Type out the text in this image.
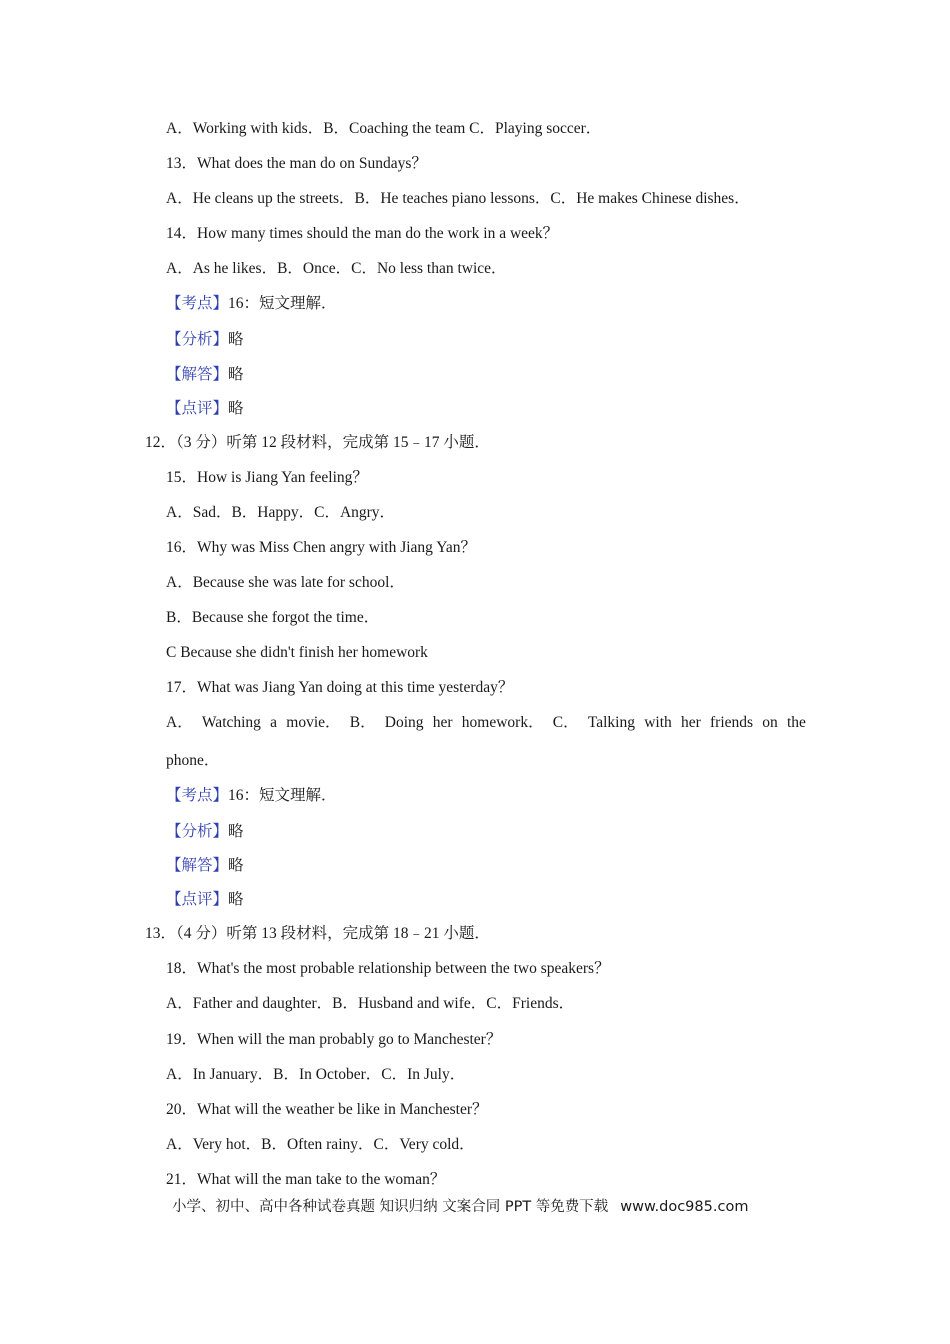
A．Working with kids．B．Coaching the team C．Playing soccer．
13．What does the man do on Sundays？
A．He cleans up the streets．B．He teaches piano lessons．C．He makes Chinese dishes．
14．How many times should the man do the work in a week？
A．As he likes．B．Once．C．No less than twice．
【考点】16：短文理解．
【分析】略
【解答】略
【点评】略
12．（3 分）听第 12 段材料，完成第 15﹣17 小题．
15．How is Jiang Yan feeling？
A．Sad．B．Happy．C．Angry．
16．Why was Miss Chen angry with Jiang Yan？
A．Because she was late for school．
B．Because she forgot the time．
C Because she didn't finish her homework
17．What was Jiang Yan doing at this time yesterday？
A． Watching a movie． B． Doing her homework． C． Talking with her friends on the
phone．
【考点】16：短文理解．
【分析】略
【解答】略
【点评】略
13．（4 分）听第 13 段材料，完成第 18﹣21 小题．
18．What's the most probable relationship between the two speakers？
A．Father and daughter．B．Husband and wife．C．Friends．
19．When will the man probably go to Manchester？
A．In January．B．In October．C．In July．
20．What will the weather be like in Manchester？
A．Very hot．B．Often rainy．C．Very cold．
21．What will the man take to the woman？
小学、初中、高中各种试卷真题 知识归纳 文案合同 PPT 等免费下载 www.doc985.com
